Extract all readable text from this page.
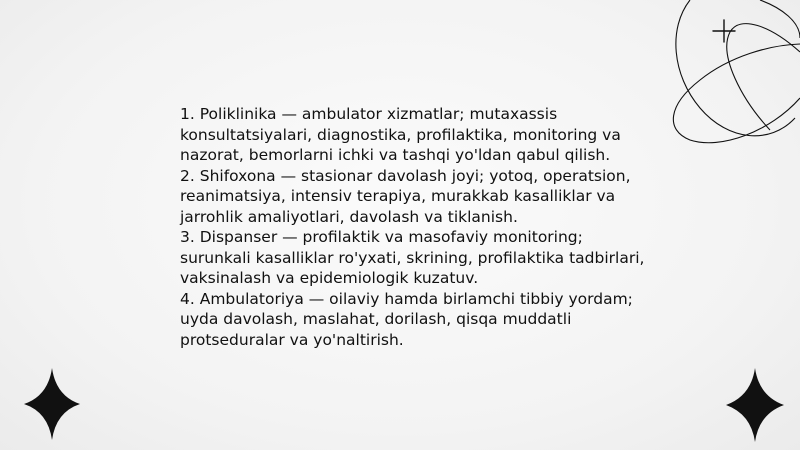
1. Poliklinika — ambulator xizmatlar; mutaxassis konsultatsiyalari, diagnostika, profilaktika, monitoring va nazorat, bemorlarni ichki va tashqi yo'ldan qabul qilish.

2. Shifoxona — stasionar davolash joyi; yotoq, operatsion, reanimatsiya, intensiv terapiya, murakkab kasalliklar va jarrohlik amaliyotlari, davolash va tiklanish.

3. Dispanser — profilaktik va masofaviy monitoring; surunkali kasalliklar ro'yxati, skrining, profilaktika tadbirlari, vaksinalash va epidemiologik kuzatuv.

4. Ambulatoriya — oilaviy hamda birlamchi tibbiy yordam; uyda davolash, maslahat, dorilash, qisqa muddatli protseduralar va yo'naltirish.
